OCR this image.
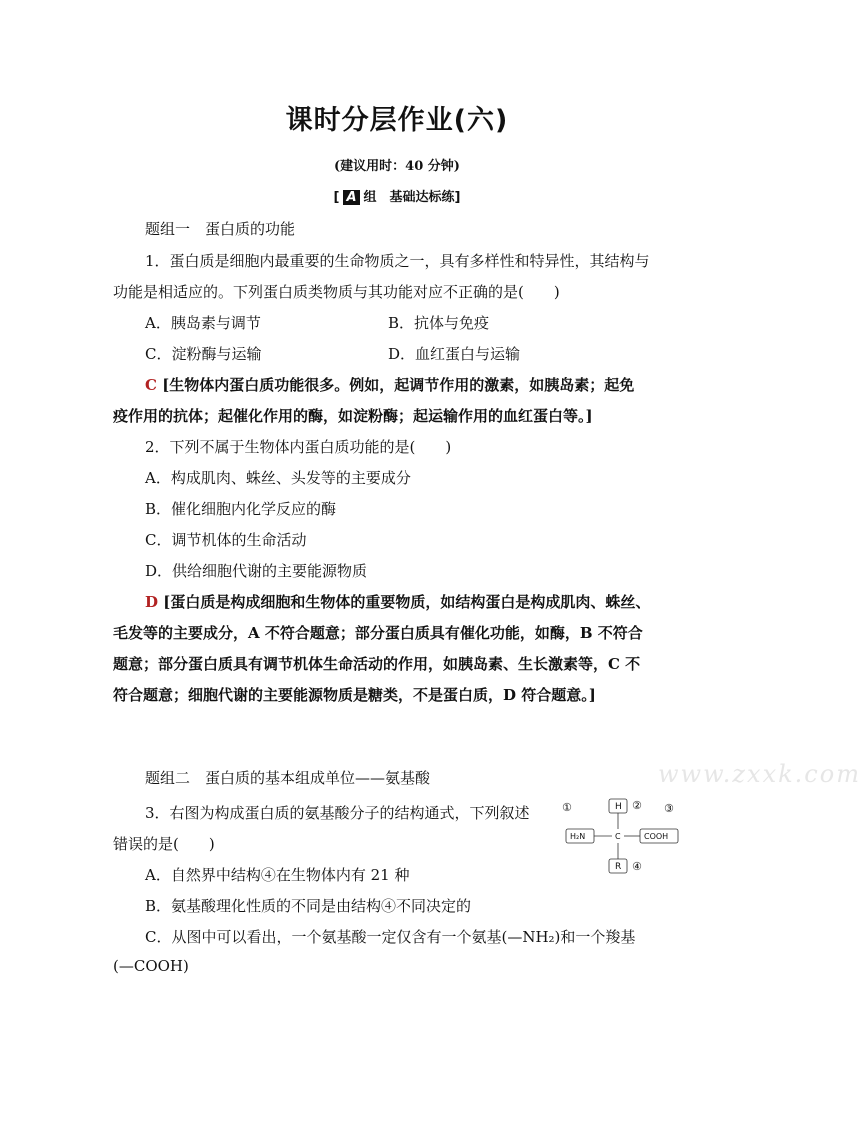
课时分层作业(六)
(建议用时：40 分钟)
[ A 组　基础达标练]
题组一　蛋白质的功能
1．蛋白质是细胞内最重要的生命物质之一，具有多样性和特异性，其结构与
功能是相适应的。下列蛋白质类物质与其功能对应不正确的是(　　)
A．胰岛素与调节	B．抗体与免疫
C．淀粉酶与运输	D．血红蛋白与运输
C [生物体内蛋白质功能很多。例如，起调节作用的激素，如胰岛素；起免
疫作用的抗体；起催化作用的酶，如淀粉酶；起运输作用的血红蛋白等。]
2．下列不属于生物体内蛋白质功能的是(　　)
A．构成肌肉、蛛丝、头发等的主要成分
B．催化细胞内化学反应的酶
C．调节机体的生命活动
D．供给细胞代谢的主要能源物质
D [蛋白质是构成细胞和生物体的重要物质，如结构蛋白是构成肌肉、蛛丝、
毛发等的主要成分，A 不符合题意；部分蛋白质具有催化功能，如酶，B 不符合
题意；部分蛋白质具有调节机体生命活动的作用，如胰岛素、生长激素等，C 不
符合题意；细胞代谢的主要能源物质是糖类，不是蛋白质，D 符合题意。]
题组二　蛋白质的基本组成单位——氨基酸	www.zxxk.com
3．右图为构成蛋白质的氨基酸分子的结构通式，下列叙述
错误的是(　　)
A．自然界中结构④在生物体内有 21 种
B．氨基酸理化性质的不同是由结构④不同决定的
C．从图中可以看出，一个氨基酸一定仅含有一个氨基(—NH₂)和一个羧基
(—COOH)
H
C
H₂N	COOH
R
①	② ③
④
